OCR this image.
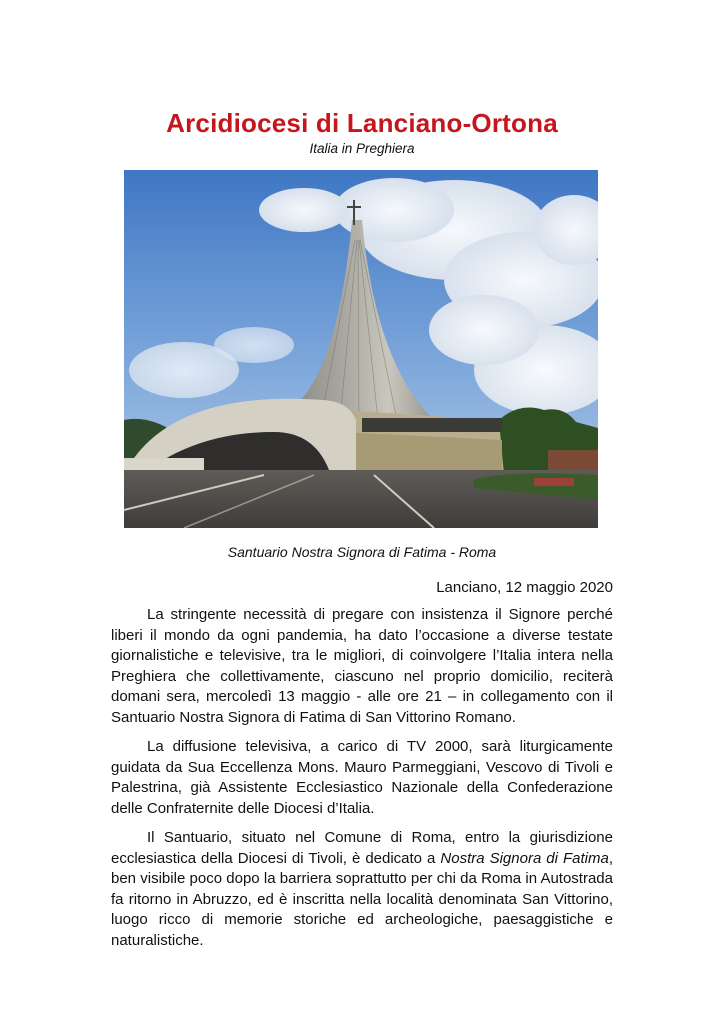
Arcidiocesi di Lanciano-Ortona
Italia in Preghiera
Santuario Nostra Signora di Fatima - Roma
Lanciano, 12 maggio 2020

La stringente necessità di pregare con insistenza il Signore perché liberi il mondo da ogni pandemia, ha dato l’occasione a diverse testate giornalistiche e televisive, tra le migliori, di coinvolgere l’Italia intera nella Preghiera che collettivamente, ciascuno nel proprio domicilio, reciterà domani sera, mercoledì 13 maggio - alle ore 21 – in collegamento con il Santuario Nostra Signora di Fatima di San Vittorino Romano.

La diffusione televisiva, a carico di TV 2000, sarà liturgicamente guidata da Sua Eccellenza Mons. Mauro Parmeggiani, Vescovo di Tivoli e Palestrina, già Assistente Ecclesiastico Nazionale della Confederazione delle Confraternite delle Diocesi d’Italia.

Il Santuario, situato nel Comune di Roma, entro la giurisdizione ecclesiastica della Diocesi di Tivoli, è dedicato a Nostra Signora di Fatima, ben visibile poco dopo la barriera soprattutto per chi da Roma in Autostrada fa ritorno in Abruzzo, ed è inscritta nella località denominata San Vittorino, luogo ricco di memorie storiche ed archeologiche, paesaggistiche e naturalistiche.
